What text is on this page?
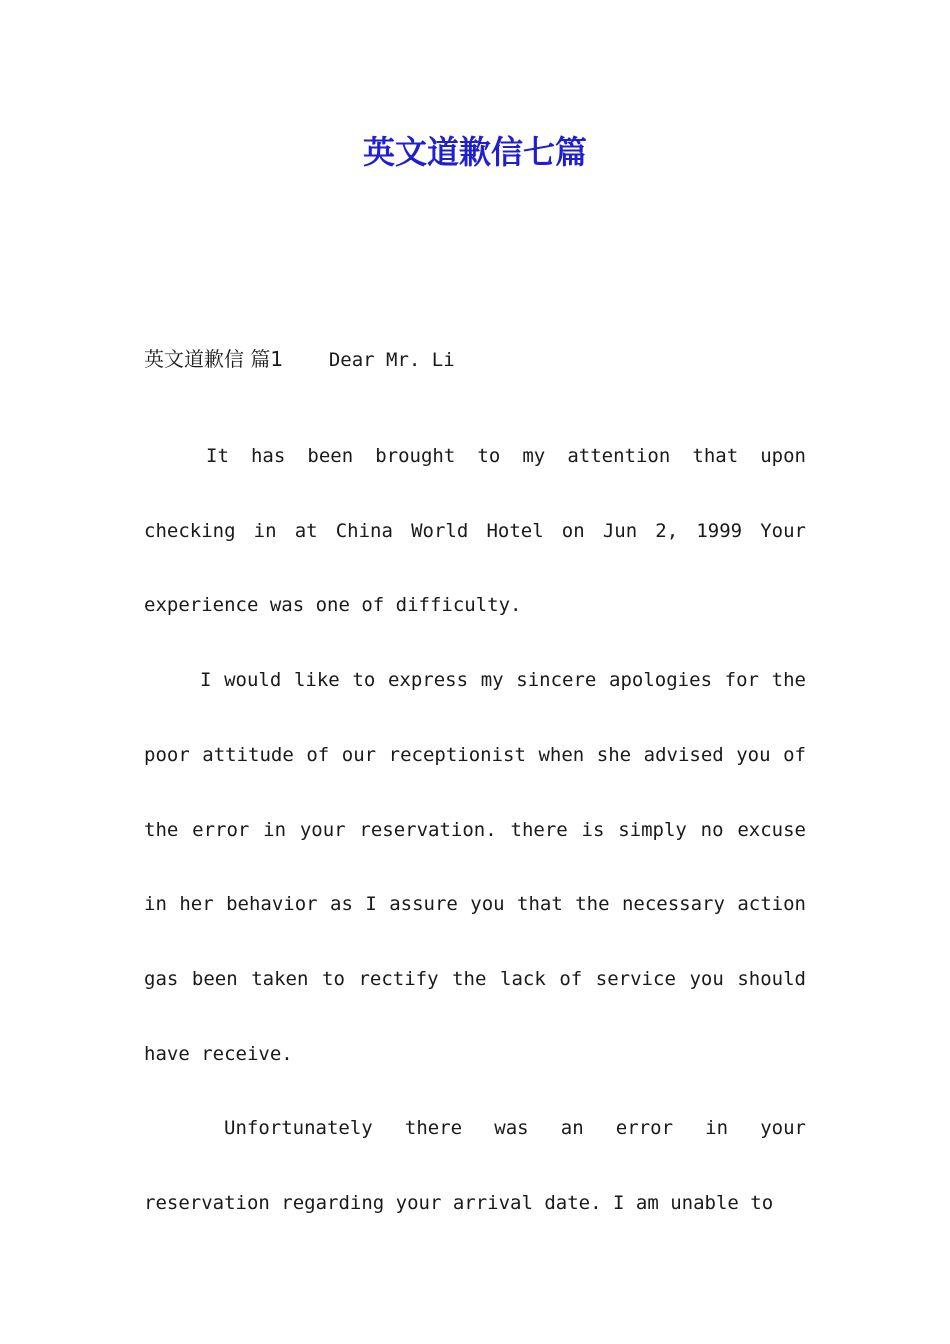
英文道歉信七篇
英文道歉信 篇1 Dear Mr. Li

It has been brought to my attention that upon checking in at China World Hotel on Jun 2, 1999 Your experience was one of difficulty.

I would like to express my sincere apologies for the poor attitude of our receptionist when she advised you of the error in your reservation. there is simply no excuse in her behavior as I assure you that the necessary action gas been taken to rectify the lack of service you should have receive.

Unfortunately there was an error in your reservation regarding your arrival date. I am unable to
